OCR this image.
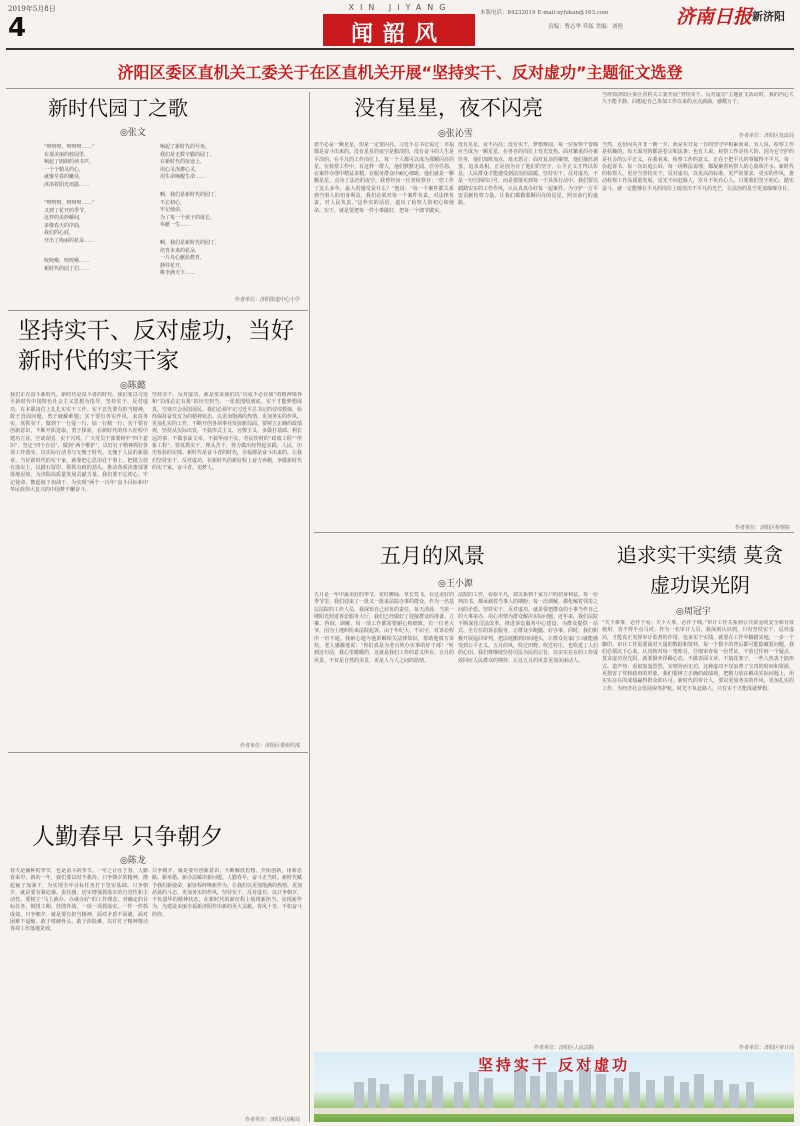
2019年5月8日
4
XIN JIYANG
闻韶风
本版电话：84232019 E-mail:xyfukan@163.com
责编：曹志华 乔猛 美编：刘艳	济南日报 新济阳
济阳区委区直机关工委关于在区直机关开展“坚持实干、反对虚功”主题征文选登
新时代园丁之歌
◎张文
“呀呀呀，呀呀呀……”
在那美丽的校园里，
响起了朗朗的读书声，
一个个精灵的心，
就像早春的嫩芽，
沐浴着阳光雨露……
“呀呀呀，呀呀呀……”
又到了花开的季节，
这样的美妙瞬间，
多像春天的序曲，
我们的心底，
开出了绚丽的花朵……
咬咬嗬，咬咬嗬……
新时代的园丁们……
响起了新时代的号角，
我们是无数辛勤的园丁，
在新时代的征途上，
用心灵浇灌心灵，
用生命唤醒生命……
啊，我们是新时代的园丁，
不忘初心，
牢记使命，
为了每一个孩子的成长，
奉献一生……
啊，我们是新时代的园丁，
培育未来的花朵，
一片丹心献给教育，
静待花开，
桃李满天下……
作者单位：济阳街道中心小学
坚持实干、反对虚功，当好新时代的实干家
◎陈懿
我们正在奋斗新时代。新时代是奋斗者的时代。我们要以习近平新时代中国特色社会主义思想为指导，坚持实干、反对虚功，在本职岗位上扎扎实实干工作。实干首先要有担当精神，敢于直面问题，勇于破解难题；实干要有务实作风，求真务实，真抓实干，做到干一行爱一行、钻一行精一行；实干要有创新意识，不断开拓进取，勇于探索，在新时代的伟大征程中建功立业。空谈误国，实干兴邦。广大党员干部要树牢“四个意识”，坚定“四个自信”，做到“两个维护”，以钉钉子精神抓好各项工作落实，以实际行动书写无愧于时代、无愧于人民的新篇章。当好新时代的实干家，就要把心思用在干事上，把精力放在落实上，以踏石留印、抓铁有痕的劲头，推动各项决策部署落地见效，为济阳高质量发展贡献力量。我们要不忘初心、牢记使命，撸起袖子加油干，为实现“两个一百年”奋斗目标和中华民族伟大复兴的中国梦不懈奋斗。
坚持实干、反对虚功，就是要求我们以“功成不必在我”的精神境界和“功成必定有我”的历史担当，一张蓝图绘到底。实干才能梦想成真，空谈只会误国误民。我们必须牢记习近平总书记的谆谆教诲，始终保持奋发有为的精神状态，以更加饱满的热情、更加务实的作风、更加扎实的工作，不断开创各项事业发展新局面。要树立正确的政绩观，坚持从实际出发，不搞形式主义、官僚主义，多做打基础、利长远的事，不做表面文章，不搞华而不实、劳民伤财的“政绩工程”“形象工程”。要真抓实干、埋头苦干，努力做出经得起实践、人民、历史检验的实绩。新时代是奋斗者的时代，幸福都是奋斗出来的。让我们坚持实干、反对虚功，在新时代的新征程上奋力奔跑，争做新时代的实干家、奋斗者、追梦人。
作者单位：济阳区委组织部
人勤春早 只争朝夕
◎陈龙
春天是播种的季节，也是奋斗的季节。一年之计在于春，人勤春来早。新的一年，我们要以时不我待、只争朝夕的精神，撸起袖子加油干，为实现全年目标任务打下坚实基础。只争朝夕，就是要有紧迫感、责任感，切实增强抓落实的自觉性和主动性。要树立“马上就办、办就办好”的工作理念，对确定的目标任务，倒排工期、挂图作战，一项一项抓落实，一件一件抓成效。只争朝夕，就是要有担当精神，面对矛盾不回避，面对困难不退缩，敢于啃硬骨头，敢于涉险滩，以钉钉子精神推动各项工作落地见效。
只争朝夕，就是要有创新意识，不断解放思想、开拓创新，用新思路、新举措、新办法解决新问题。人勤春早，奋斗正当时。新时代赋予我们新使命，新征程呼唤新作为。让我们以更加饱满的热情、更加昂扬的斗志、更加务实的作风，坚持实干、反对虚功，以只争朝夕、不负韶华的精神状态，在新时代的新征程上展现新担当、实现新作为，为建设美丽幸福新济阳作出新的更大贡献。春风十里，不如奋斗的你。
作者单位：济阳区国税局
没有星星，夜不闪亮
◎张沁雪
您不必是一颗星星，但是一定要闪亮。习近平总书记说过：幸福都是奋斗出来的。没有星星的夜空是黯淡的，没有奋斗的人生是平淡的。在平凡的工作岗位上，每一个人都可以成为那颗闪亮的星。在检察工作中，有这样一群人，他们默默无闻、任劳任怨，在案件办理中精益求精，在服务群众中耐心细致。他们就是一颗颗星星，点亮了法治的夜空。我曾经问一位老检察官：“您工作了这么多年，最大的感受是什么？”他说：“每一个案件都关系到当事人的切身利益，我们必须对每一个案件负责，对法律负责，对人民负责。”这朴实的话语，道出了检察人的初心和使命。实干，就是要把每一件小事做好，把每一个细节做实。
没有星星，夜不闪亮；没有实干，梦想难圆。每一位检察干警都应当成为一颗星星，在各自的岗位上发光发热。面对繁重的办案任务，他们加班加点，毫无怨言；面对复杂的案情，他们抽丝剥茧，追求真相。正是因为有了他们的坚守，公平正义才得以彰显，人民群众才能感受到法治的温暖。坚持实干、反对虚功，不是一句空洞的口号，而是要落实到每一个具体行动中。我们要以踏踏实实的工作作风，认认真真办好每一起案件，为守护一方平安贡献检察力量。让我们都做那颗闪亮的星星，照亮前行的道路。
当然，这份闪亮并非一朝一夕，而是在日复一日的坚守中积累而来。有人说，检察工作是枯燥的，每天面对的都是卷宗和法条；也有人说，检察工作是伟大的，因为它守护的是社会的公平正义。在我看来，检察工作的意义，正在于把平凡的事做得不平凡。每一份起诉书、每一次出庭公诉、每一场释法说理，都凝聚着检察人的心血和汗水。新时代的检察人，更应当坚持实干、反对虚功，以更高的标准、更严的要求、更实的作风，推动检察工作高质量发展。星光不问赶路人，岁月不负有心人。只要我们坚守初心、踏实奋斗，就一定能够在平凡的岗位上绽放出不平凡的光芒，让法治的星空更加璀璨夺目。
作者单位：济阳区检察院
五月的风景
◎王小源
五月是一年中最美好的季节，花红柳绿，草长莺飞。在这美好的季节里，我们迎来了一批又一批来法院办事的群众。作为一名基层法院的工作人员，我深知自己肩负的责任。每天清晨，当第一缕阳光照进诉讼服务大厅，我们已经做好了迎接群众的准备。立案、咨询、调解，每一项工作都需要耐心和细致。有一位老大爷，因为土地纠纷来法院起诉，由于年纪大、不识字，对诉讼程序一窍不通。我耐心地为他讲解相关法律知识，帮助他填写诉状，老人感激地说：“你们真是为老百姓办实事的好干部！”听到这句话，我心里暖暖的。这就是我们工作的意义所在。五月的风景，不仅是自然的美景，更是人与人之间的温情。
法院的工作，看似平凡，却关系到千家万户的切身利益。每一份判决书，都承载着当事人的期盼；每一次调解，都化解着邻里之间的矛盾。坚持实干、反对虚功，就是要把群众的小事当作自己的大事来办，用心用情为群众解决实际问题。近年来，我们法院不断深化司法改革，推进诉讼服务中心建设，为群众提供一站式、全方位的诉讼服务，让群众少跑腿、好办事。同时，我们积极开展巡回审判，把法庭搬到田间地头，让群众在家门口就能感受到公平正义。五月的风，吹过田野，吹过村庄，也吹进了人们的心田。我们将继续坚持司法为民的宗旨，以实实在在的工作成效回应人民群众的期待，让这五月的风景更加美丽动人。
作者单位：济阳区人民法院
追求实干实绩 莫贪虚功误光阴
◎周冠宇
“天下难事，必作于易；天下大事，必作于细。”审计工作关系到公共资金的安全和有效使用，容不得半点马虎。作为一名审计人员，我深刻认识到，只有坚持实干、反对虚功，才能真正发挥审计监督的作用。追求实干实绩，就要在工作中脚踏实地，一步一个脚印。审计工作需要面对大量的数据和资料，每一个数字的背后都可能隐藏着问题。我们必须沉下心来，认真核对每一笔账目，仔细审查每一份凭证，不放过任何一个疑点。莫贪虚功误光阴，就要摒弃浮躁心态，不做表面文章，不搞花架子。一些人热衷于搞形式、造声势，看似轰轰烈烈，实则劳而无功。这种虚功不仅浪费了宝贵的时间和资源，更损害了党和政府的形象。我们要树立正确的政绩观，把精力放在解决实际问题上，用实实在在的成绩赢得群众的认可。新时代的审计人，要以更加务实的作风、更加扎实的工作，为经济社会发展保驾护航。时光不负赶路人，只有实干才能成就梦想。
作者单位：济阳区审计局
坚持实干 反对虚功
当得知济阳区委区直机关工委开展“坚持实干、反对虚功”主题征文活动时，我的内心久久不能平静。回想起自己参加工作以来的点点滴滴，感慨万千。
作者单位：济阳区发改局
